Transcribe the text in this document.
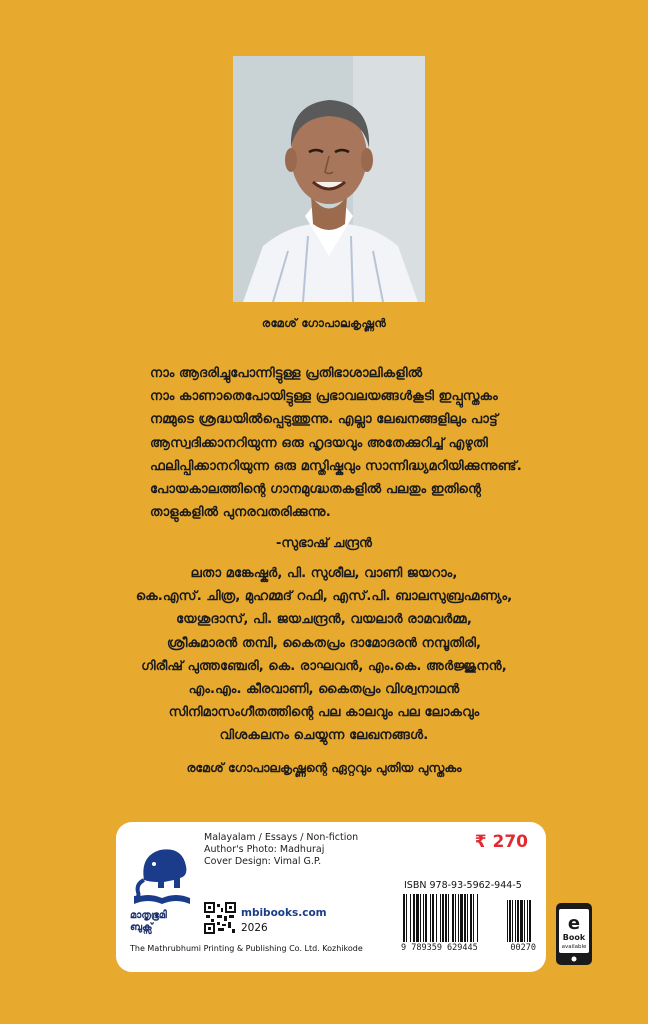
രമേശ് ഗോപാലകൃഷ്ണൻ
നാം ആദരിച്ചുപോന്നിട്ടുള്ള പ്രതിഭാശാലികളിൽ
നാം കാണാതെപോയിട്ടുള്ള പ്രഭാവലയങ്ങൾകൂടി ഇപ്പുസ്തകം
നമ്മുടെ ശ്രദ്ധയിൽപ്പെടുത്തുന്നു. എല്ലാ ലേഖനങ്ങളിലും പാട്ട്
ആസ്വദിക്കാനറിയുന്ന ഒരു ഹൃദയവും അതേക്കുറിച്ച് എഴുതി
ഫലിപ്പിക്കാനറിയുന്ന ഒരു മസ്തിഷ്കവും സാന്നിദ്ധ്യമറിയിക്കുന്നുണ്ട്.
പോയകാലത്തിന്റെ ഗാനമുഗ്ദ്ധതകളിൽ പലതും ഇതിന്റെ
താളുകളിൽ പുനരവതരിക്കുന്നു.
-സുഭാഷ് ചന്ദ്രൻ
ലതാ മങ്കേഷ്കർ, പി. സുശീല, വാണി ജയറാം,
കെ.എസ്. ചിത്ര, മുഹമ്മദ് റഫി, എസ്.പി. ബാലസുബ്രഹ്മണ്യം,
യേശുദാസ്, പി. ജയചന്ദ്രൻ, വയലാർ രാമവർമ്മ,
ശ്രീകുമാരൻ തമ്പി, കൈതപ്രം ദാമോദരൻ നമ്പൂതിരി,
ഗിരീഷ് പുത്തഞ്ചേരി, കെ. രാഘവൻ, എം.കെ. അർജ്ജുനൻ,
എം.എം. കീരവാണി, കൈതപ്രം വിശ്വനാഥൻ
സിനിമാസംഗീതത്തിന്റെ പല കാലവും പല ലോകവും
വിശകലനം ചെയ്യുന്ന ലേഖനങ്ങൾ.
രമേശ് ഗോപാലകൃഷ്ണന്റെ ഏറ്റവും പുതിയ പുസ്തകം
മാതൃഭൂമി
ബുക്സ്
Malayalam / Essays / Non-fiction
Author's Photo: Madhuraj
Cover Design: Vimal G.P.
₹ 270
ISBN 978-93-5962-944-5
9 789359 629445	00270
mbibooks.com
2026
The Mathrubhumi Printing & Publishing Co. Ltd. Kozhikode
e
Book
available
